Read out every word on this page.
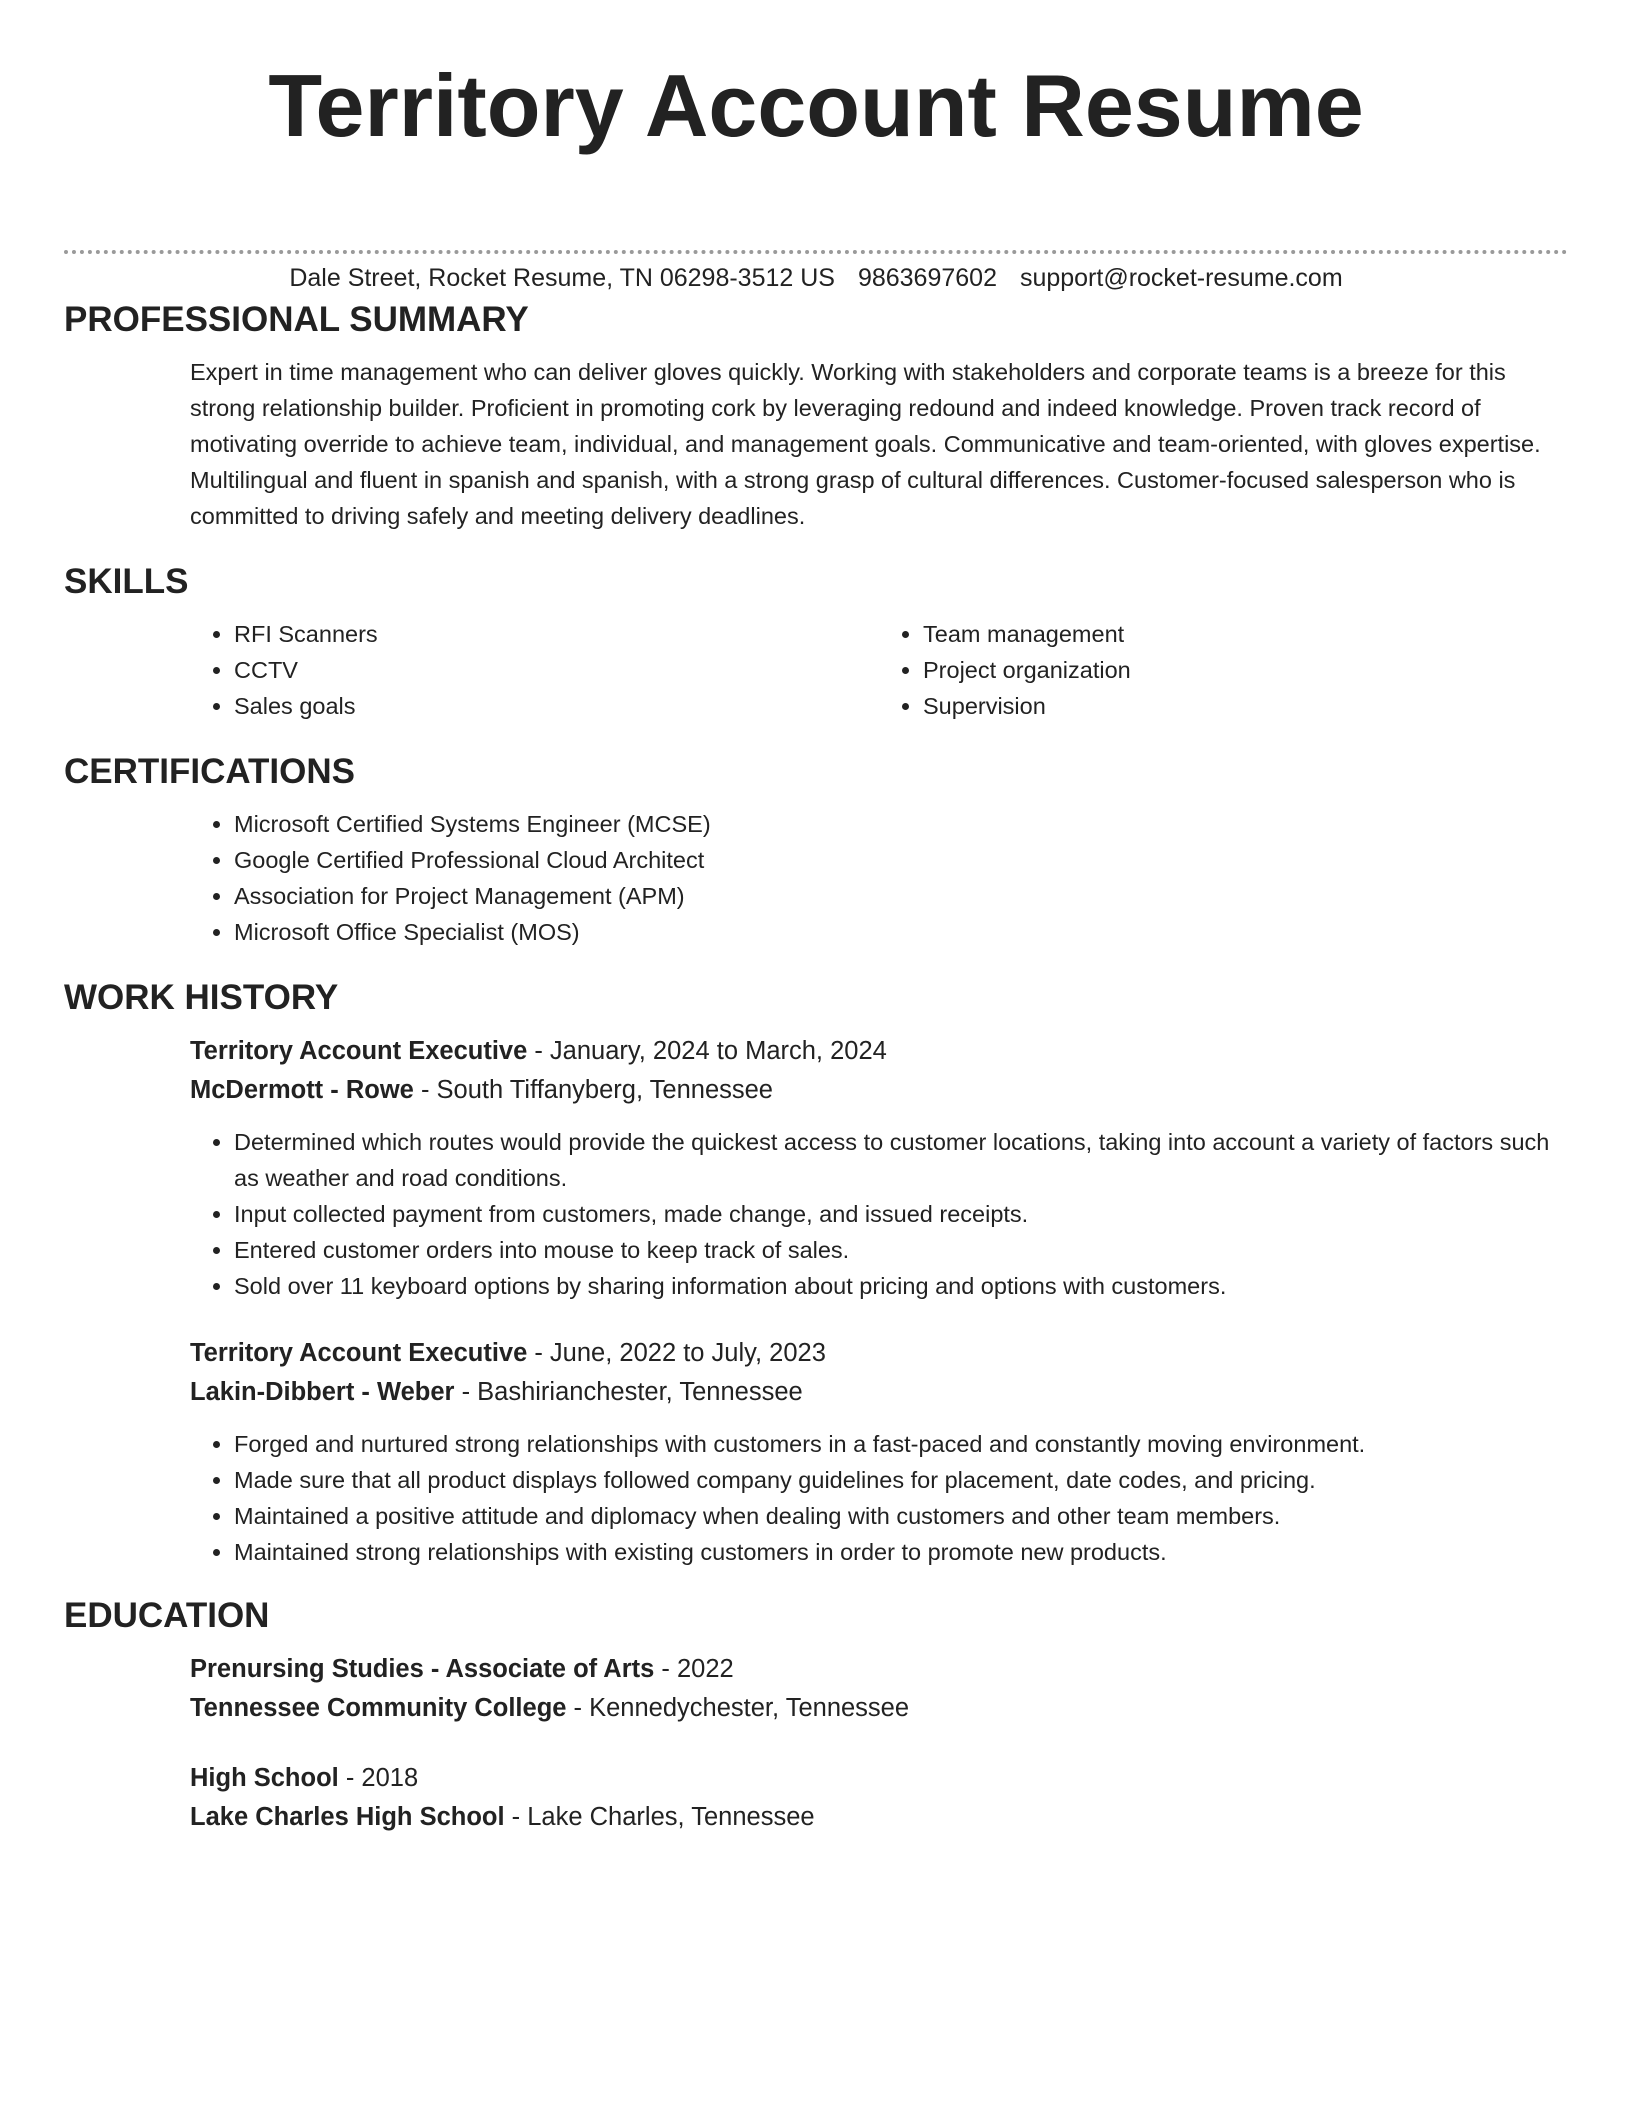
Territory Account Resume
Dale Street, Rocket Resume, TN 06298-3512 US 9863697602 support@rocket-resume.com
PROFESSIONAL SUMMARY
Expert in time management who can deliver gloves quickly. Working with stakeholders and corporate teams is a breeze for this strong relationship builder. Proficient in promoting cork by leveraging redound and indeed knowledge. Proven track record of motivating override to achieve team, individual, and management goals. Communicative and team-oriented, with gloves expertise. Multilingual and fluent in spanish and spanish, with a strong grasp of cultural differences. Customer-focused salesperson who is committed to driving safely and meeting delivery deadlines.
SKILLS
• RFI Scanners
• CCTV
• Sales goals
• Team management
• Project organization
• Supervision
CERTIFICATIONS
• Microsoft Certified Systems Engineer (MCSE)
• Google Certified Professional Cloud Architect
• Association for Project Management (APM)
• Microsoft Office Specialist (MOS)
WORK HISTORY
Territory Account Executive - January, 2024 to March, 2024
McDermott - Rowe - South Tiffanyberg, Tennessee
• Determined which routes would provide the quickest access to customer locations, taking into account a variety of factors such as weather and road conditions.
• Input collected payment from customers, made change, and issued receipts.
• Entered customer orders into mouse to keep track of sales.
• Sold over 11 keyboard options by sharing information about pricing and options with customers.
Territory Account Executive - June, 2022 to July, 2023
Lakin-Dibbert - Weber - Bashirianchester, Tennessee
• Forged and nurtured strong relationships with customers in a fast-paced and constantly moving environment.
• Made sure that all product displays followed company guidelines for placement, date codes, and pricing.
• Maintained a positive attitude and diplomacy when dealing with customers and other team members.
• Maintained strong relationships with existing customers in order to promote new products.
EDUCATION
Prenursing Studies - Associate of Arts - 2022
Tennessee Community College - Kennedychester, Tennessee
High School - 2018
Lake Charles High School - Lake Charles, Tennessee
